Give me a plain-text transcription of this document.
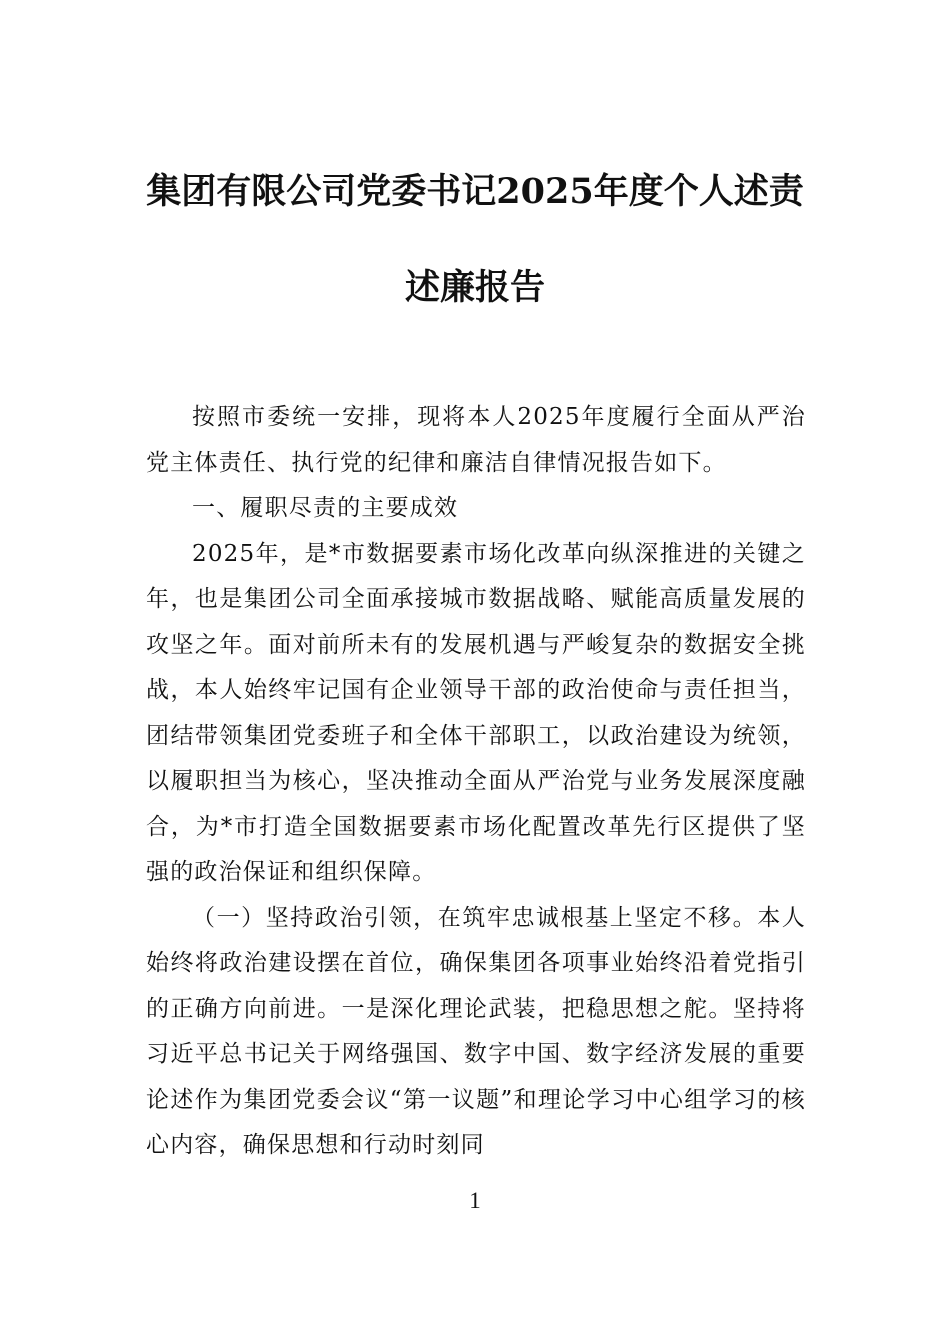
集团有限公司党委书记2025年度个人述责
述廉报告

按照市委统一安排，现将本人2025年度履行全面从严治党主体责任、执行党的纪律和廉洁自律情况报告如下。

一、履职尽责的主要成效

2025年，是*市数据要素市场化改革向纵深推进的关键之年，也是集团公司全面承接城市数据战略、赋能高质量发展的攻坚之年。面对前所未有的发展机遇与严峻复杂的数据安全挑战，本人始终牢记国有企业领导干部的政治使命与责任担当，团结带领集团党委班子和全体干部职工，以政治建设为统领，以履职担当为核心，坚决推动全面从严治党与业务发展深度融合，为*市打造全国数据要素市场化配置改革先行区提供了坚强的政治保证和组织保障。

（一）坚持政治引领，在筑牢忠诚根基上坚定不移。本人始终将政治建设摆在首位，确保集团各项事业始终沿着党指引的正确方向前进。一是深化理论武装，把稳思想之舵。坚持将习近平总书记关于网络强国、数字中国、数字经济发展的重要论述作为集团党委会议“第一议题”和理论学习中心组学习的核心内容，确保思想和行动时刻同

1
